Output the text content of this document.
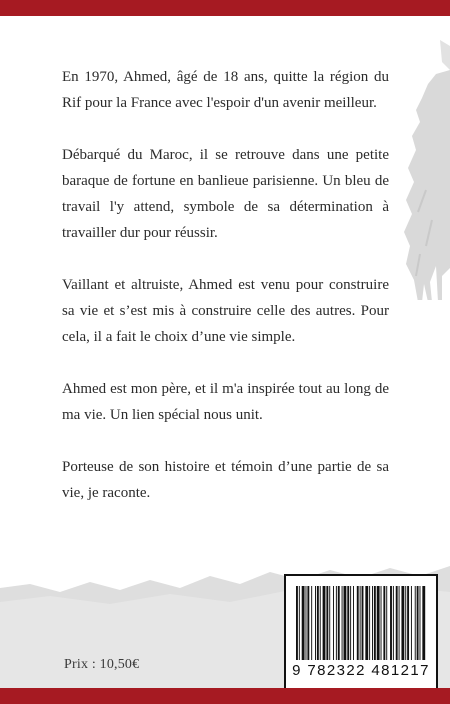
En 1970, Ahmed, âgé de 18 ans, quitte la région du Rif pour la France avec l'espoir d'un avenir meilleur.

Débarqué du Maroc, il se retrouve dans une petite baraque de fortune en banlieue parisienne. Un bleu de travail l'y attend, symbole de sa détermination à travailler dur pour réussir.

Vaillant et altruiste, Ahmed est venu pour construire sa vie et s’est mis à construire celle des autres. Pour cela, il a fait le choix d’une vie simple.

Ahmed est mon père, et il m'a inspirée tout au long de ma vie. Un lien spécial nous unit.

Porteuse de son histoire et témoin d’une partie de sa vie, je raconte.

Prix : 10,50€	9 782322 481217
